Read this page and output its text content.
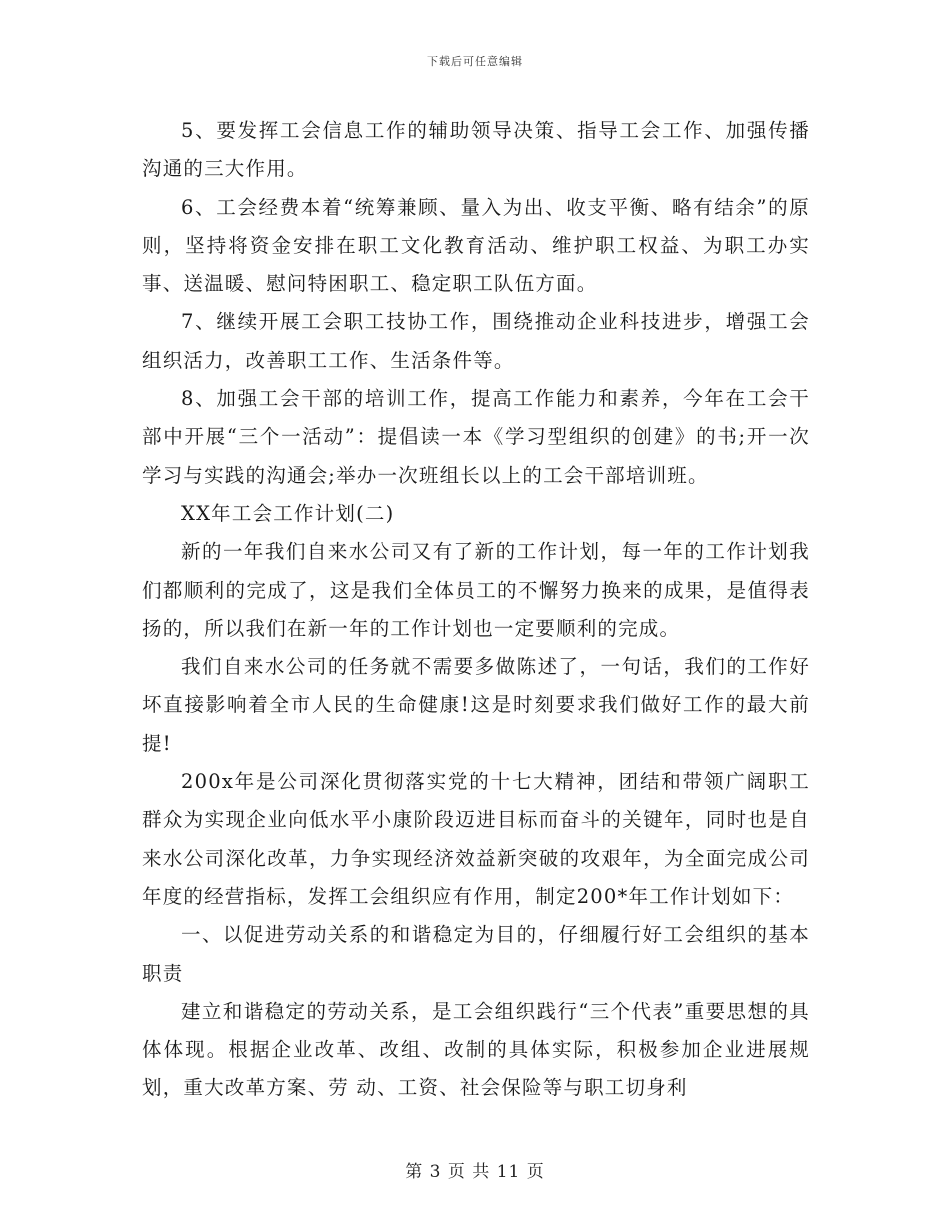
下载后可任意编辑

5、要发挥工会信息工作的辅助领导决策、指导工会工作、加强传播沟通的三大作用。

6、工会经费本着“统筹兼顾、量入为出、收支平衡、略有结余”的原则，坚持将资金安排在职工文化教育活动、维护职工权益、为职工办实事、送温暖、慰问特困职工、稳定职工队伍方面。

7、继续开展工会职工技协工作，围绕推动企业科技进步，增强工会组织活力，改善职工工作、生活条件等。

8、加强工会干部的培训工作，提高工作能力和素养，今年在工会干部中开展“三个一活动”：提倡读一本《学习型组织的创建》的书;开一次学习与实践的沟通会;举办一次班组长以上的工会干部培训班。

XX年工会工作计划(二)

新的一年我们自来水公司又有了新的工作计划，每一年的工作计划我们都顺利的完成了，这是我们全体员工的不懈努力换来的成果，是值得表扬的，所以我们在新一年的工作计划也一定要顺利的完成。

我们自来水公司的任务就不需要多做陈述了，一句话，我们的工作好坏直接影响着全市人民的生命健康!这是时刻要求我们做好工作的最大前提!

200x年是公司深化贯彻落实党的十七大精神，团结和带领广阔职工群众为实现企业向低水平小康阶段迈进目标而奋斗的关键年，同时也是自来水公司深化改革，力争实现经济效益新突破的攻艰年，为全面完成公司年度的经营指标，发挥工会组织应有作用，制定200*年工作计划如下：

一、以促进劳动关系的和谐稳定为目的，仔细履行好工会组织的基本职责

建立和谐稳定的劳动关系，是工会组织践行“三个代表”重要思想的具体体现。根据企业改革、改组、改制的具体实际，积极参加企业进展规划，重大改革方案、劳 动、工资、社会保险等与职工切身利

第 3 页 共 11 页
